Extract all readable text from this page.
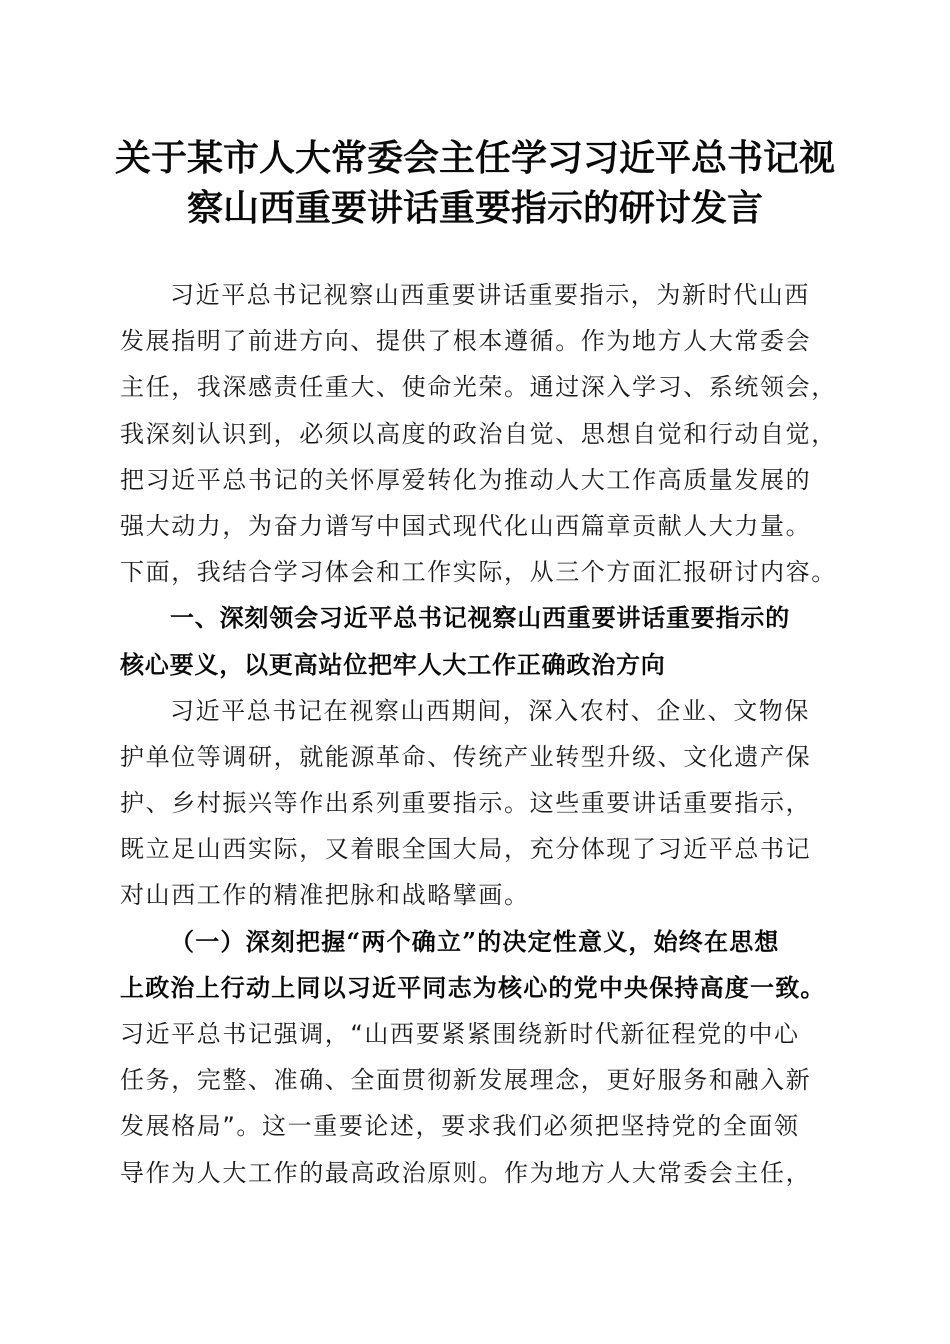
关于某市人大常委会主任学习习近平总书记视
察山西重要讲话重要指示的研讨发言
习近平总书记视察山西重要讲话重要指示，为新时代山西
发展指明了前进方向、提供了根本遵循。作为地方人大常委会
主任，我深感责任重大、使命光荣。通过深入学习、系统领会，
我深刻认识到，必须以高度的政治自觉、思想自觉和行动自觉，
把习近平总书记的关怀厚爱转化为推动人大工作高质量发展的
强大动力，为奋力谱写中国式现代化山西篇章贡献人大力量。
下面，我结合学习体会和工作实际，从三个方面汇报研讨内容。
一、深刻领会习近平总书记视察山西重要讲话重要指示的
核心要义，以更高站位把牢人大工作正确政治方向
习近平总书记在视察山西期间，深入农村、企业、文物保
护单位等调研，就能源革命、传统产业转型升级、文化遗产保
护、乡村振兴等作出系列重要指示。这些重要讲话重要指示，
既立足山西实际，又着眼全国大局，充分体现了习近平总书记
对山西工作的精准把脉和战略擘画。
（一）深刻把握“两个确立”的决定性意义，始终在思想
上政治上行动上同以习近平同志为核心的党中央保持高度一致。
习近平总书记强调，“山西要紧紧围绕新时代新征程党的中心
任务，完整、准确、全面贯彻新发展理念，更好服务和融入新
发展格局”。这一重要论述，要求我们必须把坚持党的全面领
导作为人大工作的最高政治原则。作为地方人大常委会主任，
